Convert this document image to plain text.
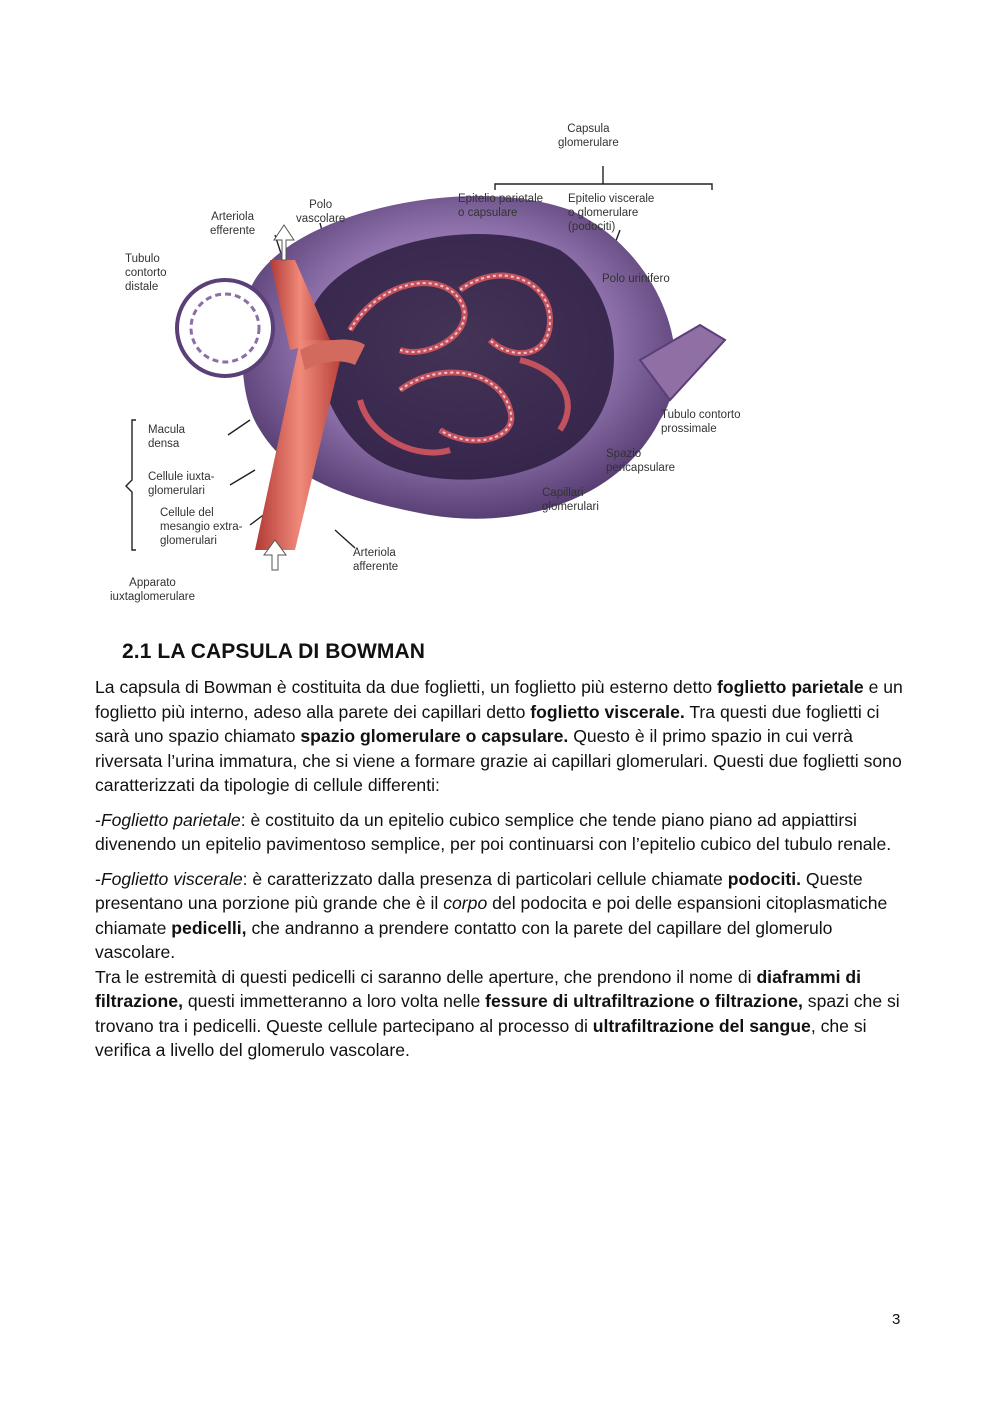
Capsula
glomerulare
Epitelio parietale
o capsulare
Epitelio viscerale
o glomerulare
(podociti)
Polo
vascolare
Arteriola
efferente
Tubulo
contorto
distale
Polo urinifero
Tubulo contorto
prossimale
Spazio
pericapsulare
Capillari
glomerulari
Macula
densa
Cellule iuxta-
glomerulari
Cellule del
mesangio extra-
glomerulari
Arteriola
afferente
Apparato
iuxtaglomerulare
2.1 LA CAPSULA DI BOWMAN

La capsula di Bowman è costituita da due foglietti, un foglietto più esterno detto foglietto parietale e un foglietto più interno, adeso alla parete dei capillari detto foglietto viscerale. Tra questi due foglietti ci sarà uno spazio chiamato spazio glomerulare o capsulare. Questo è il primo spazio in cui verrà riversata l’urina immatura, che si viene a formare grazie ai capillari glomerulari. Questi due foglietti sono caratterizzati da tipologie di cellule differenti:

-Foglietto parietale: è costituito da un epitelio cubico semplice che tende piano piano ad appiattirsi divenendo un epitelio pavimentoso semplice, per poi continuarsi con l’epitelio cubico del tubulo renale.

-Foglietto viscerale: è caratterizzato dalla presenza di particolari cellule chiamate podociti. Queste presentano una porzione più grande che è il corpo del podocita e poi delle espansioni citoplasmatiche chiamate pedicelli, che andranno a prendere contatto con la parete del capillare del glomerulo vascolare.

Tra le estremità di questi pedicelli ci saranno delle aperture, che prendono il nome di diaframmi di filtrazione, questi immetteranno a loro volta nelle fessure di ultrafiltrazione o filtrazione, spazi che si trovano tra i pedicelli. Queste cellule partecipano al processo di ultrafiltrazione del sangue, che si verifica a livello del glomerulo vascolare.

3
